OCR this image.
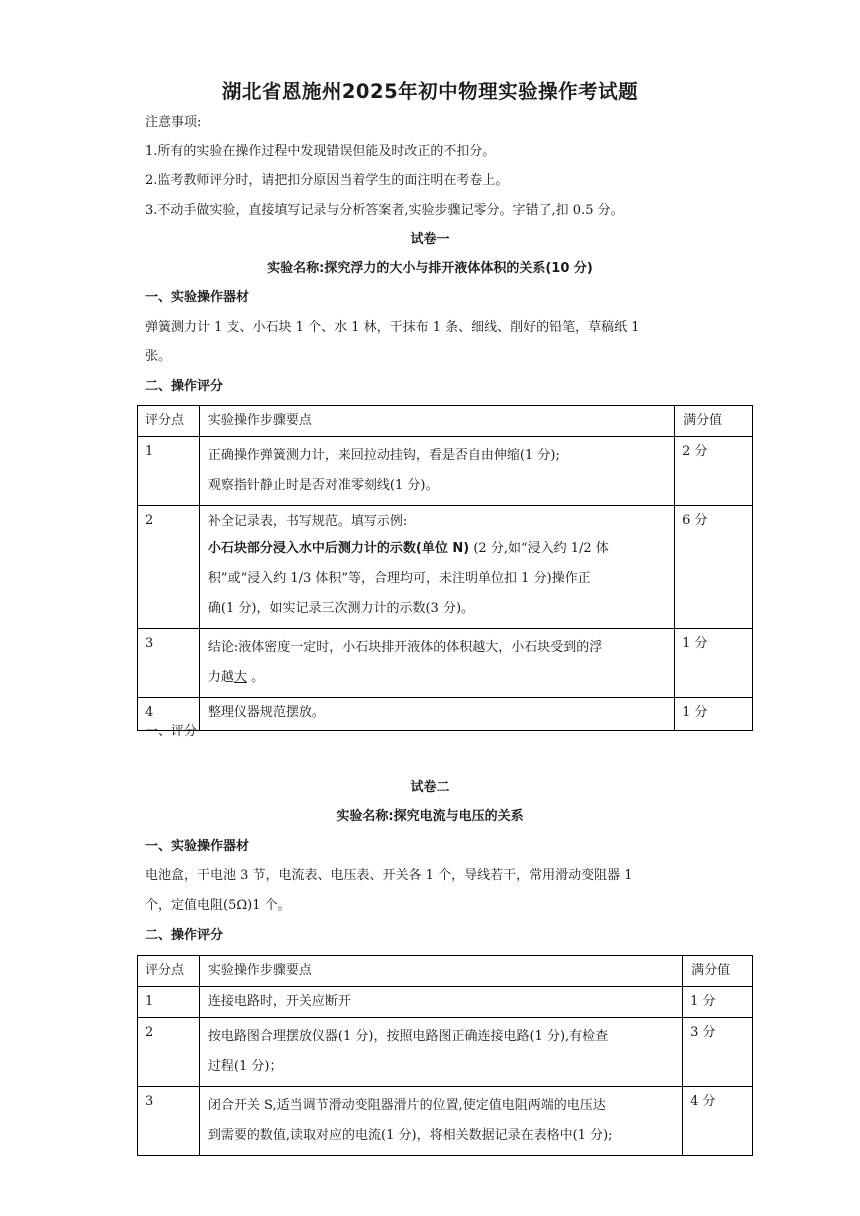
湖北省恩施州2025年初中物理实验操作考试题
注意事项:
1.所有的实验在操作过程中发现错误但能及时改正的不扣分。
2.监考教师评分时，请把扣分原因当着学生的面注明在考卷上。
3.不动手做实验，直接填写记录与分析答案者,实验步骤记零分。字错了,扣 0.5 分。
试卷一
实验名称:探究浮力的大小与排开液体体积的关系(10 分)
一、实验操作器材
弹簧测力计 1 支、小石块 1 个、水 1 林，干抹布 1 条、细线、削好的铅笔，草稿纸 1
张。
二、操作评分
评分点	实验操作步骤要点	满分值
1	正确操作弹簧测力计，来回拉动挂钩，看是否自由伸缩(1 分);
观察指针静止时是否对准零刻线(1 分)。	2 分
2	补全记录表，书写规范。填写示例:
小石块部分浸入水中后测力计的示数(单位 N) (2 分,如“浸入约 1/2 体
积”或“浸入约 1/3 体积”等，合理均可，未注明单位扣 1 分)操作正
确(1 分)，如实记录三次测力计的示数(3 分)。	6 分
3	结论:液体密度一定时，小石块排开液体的体积越大，小石块受到的浮
力越大 。	1 分
4	整理仪器规范摆放。	1 分
一、评分
试卷二
实验名称:探究电流与电压的关系
一、实验操作器材
电池盒，干电池 3 节，电流表、电压表、开关各 1 个，导线若干，常用滑动变阻器 1
个，定值电阻(5Ω)1 个。
二、操作评分
评分点	实验操作步骤要点	满分值
1	连接电路时，开关应断开	1 分
2	按电路图合理摆放仪器(1 分)，按照电路图正确连接电路(1 分),有检查
过程(1 分)；	3 分
3	闭合开关 S,适当调节滑动变阻器滑片的位置,使定值电阻两端的电压达
到需要的数值,读取对应的电流(1 分)，将相关数据记录在表格中(1 分);	4 分
